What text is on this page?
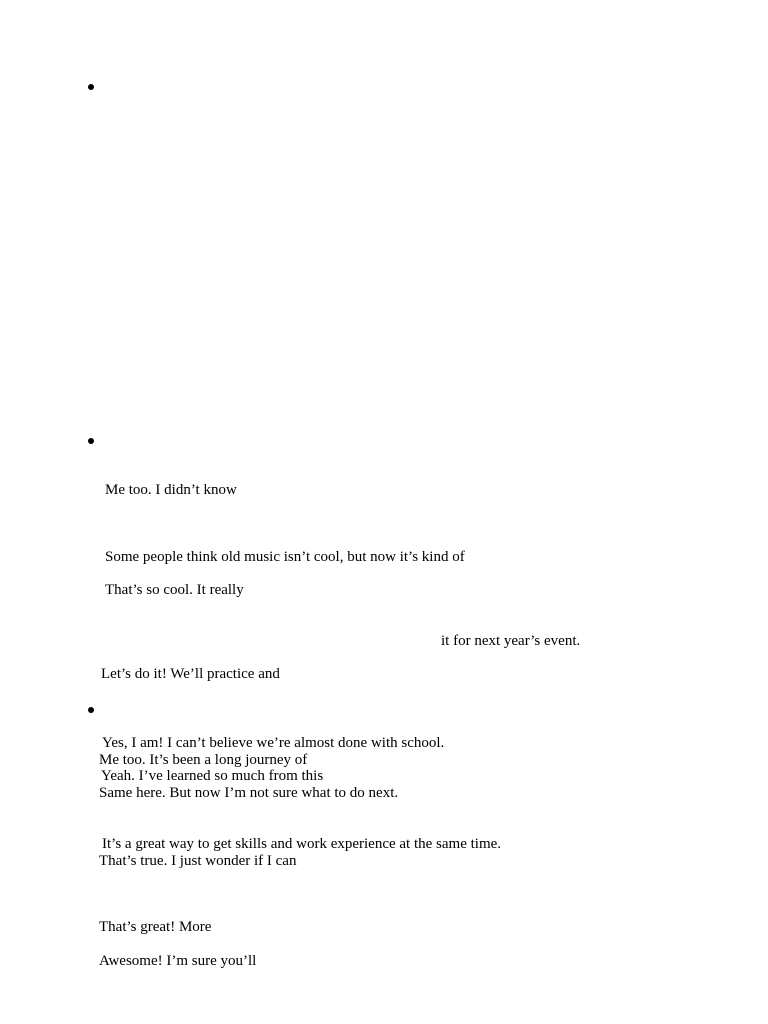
Me too. I didn’t know
Some people think old music isn’t cool, but now it’s kind of
That’s so cool. It really
it for next year’s event.
Let’s do it! We’ll practice and
Yes, I am! I can’t believe we’re almost done with school.
Me too. It’s been a long journey of
Yeah. I’ve learned so much from this
Same here. But now I’m not sure what to do next.
It’s a great way to get skills and work experience at the same time.
That’s true. I just wonder if I can
That’s great! More
Awesome! I’m sure you’ll
